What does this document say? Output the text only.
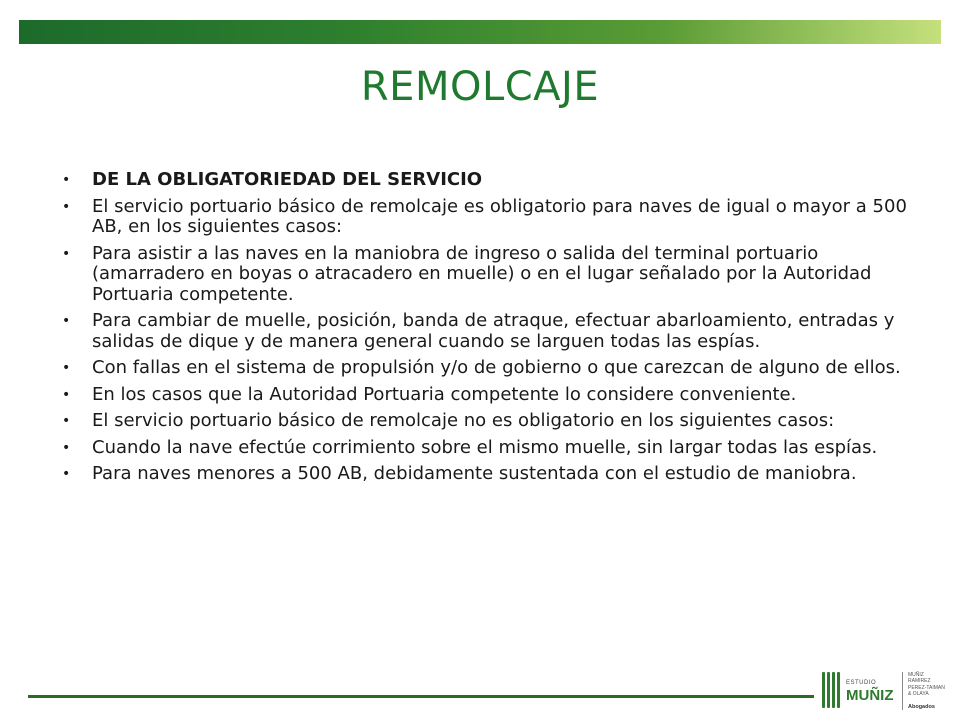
REMOLCAJE
• DE LA OBLIGATORIEDAD DEL SERVICIO
• El servicio portuario básico de remolcaje es obligatorio para naves de igual o mayor a 500 AB, en los siguientes casos:
• Para asistir a las naves en la maniobra de ingreso o salida del terminal portuario (amarradero en boyas o atracadero en muelle) o en el lugar señalado por la Autoridad Portuaria competente.
• Para cambiar de muelle, posición, banda de atraque, efectuar abarloamiento, entradas y salidas de dique y de manera general cuando se larguen todas las espías.
• Con fallas en el sistema de propulsión y/o de gobierno o que carezcan de alguno de ellos.
• En los casos que la Autoridad Portuaria competente lo considere conveniente.
• El servicio portuario básico de remolcaje no es obligatorio en los siguientes casos:
• Cuando la nave efectúe corrimiento sobre el mismo muelle, sin largar todas las espías.
• Para naves menores a 500 AB, debidamente sustentada con el estudio de maniobra.
ESTUDIO
MUÑIZ
MUÑIZ
RAMIREZ
PEREZ-TAIMAN
& OLAYA
Abogados
